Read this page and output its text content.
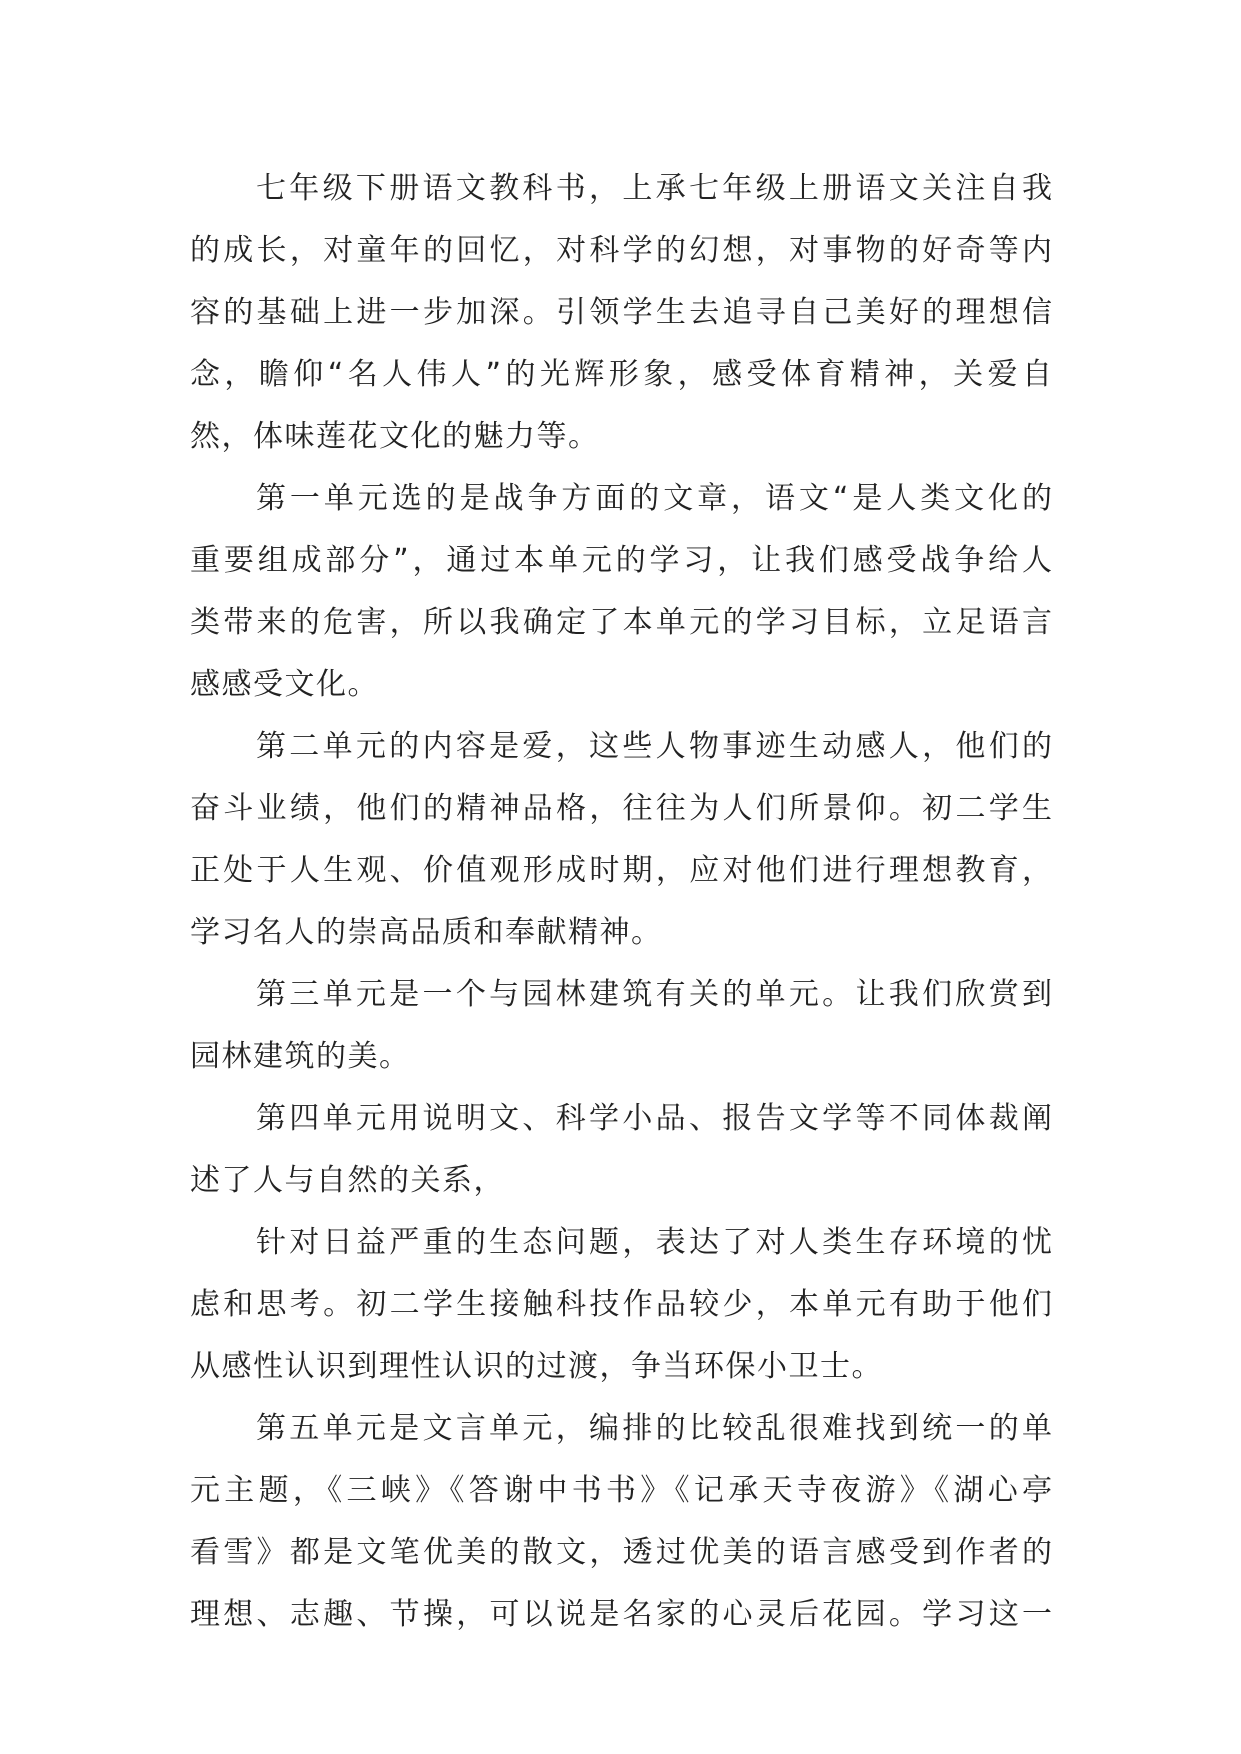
七年级下册语文教科书，上承七年级上册语文关注自我
的成长，对童年的回忆，对科学的幻想，对事物的好奇等内
容的基础上进一步加深。引领学生去追寻自己美好的理想信
念，瞻仰“名人伟人”的光辉形象，感受体育精神，关爱自
然，体味莲花文化的魅力等。
第一单元选的是战争方面的文章，语文“是人类文化的
重要组成部分”，通过本单元的学习，让我们感受战争给人
类带来的危害，所以我确定了本单元的学习目标，立足语言
感感受文化。
第二单元的内容是爱，这些人物事迹生动感人，他们的
奋斗业绩，他们的精神品格，往往为人们所景仰。初二学生
正处于人生观、价值观形成时期，应对他们进行理想教育，
学习名人的崇高品质和奉献精神。
第三单元是一个与园林建筑有关的单元。让我们欣赏到
园林建筑的美。
第四单元用说明文、科学小品、报告文学等不同体裁阐
述了人与自然的关系，
针对日益严重的生态问题，表达了对人类生存环境的忧
虑和思考。初二学生接触科技作品较少，本单元有助于他们
从感性认识到理性认识的过渡，争当环保小卫士。
第五单元是文言单元，编排的比较乱很难找到统一的单
元主题，《三峡》《答谢中书书》《记承天寺夜游》《湖心亭
看雪》都是文笔优美的散文，透过优美的语言感受到作者的
理想、志趣、节操，可以说是名家的心灵后花园。学习这一
